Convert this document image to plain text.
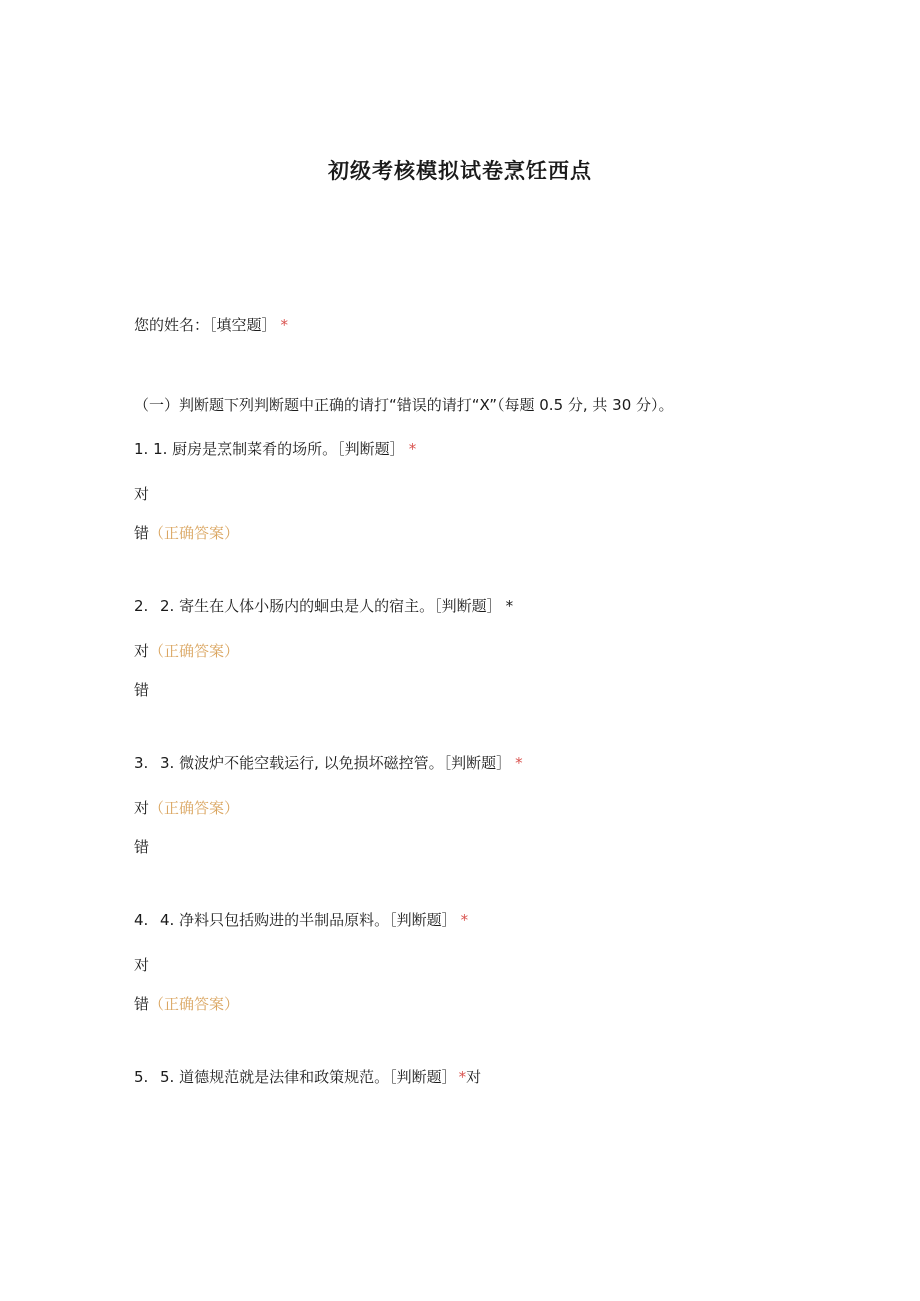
初级考核模拟试卷烹饪西点
您的姓名：［填空题］ *
（一）判断题下列判断题中正确的请打“错误的请打“X”（每题 0.5 分, 共 30 分）。
1. 1. 厨房是烹制菜肴的场所。［判断题］ *
对
错（正确答案）
2. 2. 寄生在人体小肠内的蛔虫是人的宿主。［判断题］ *
对（正确答案）
错
3. 3. 微波炉不能空载运行, 以免损坏磁控管。［判断题］ *
对（正确答案）
错
4. 4. 净料只包括购进的半制品原料。［判断题］ *
对
错（正确答案）
5. 5. 道德规范就是法律和政策规范。［判断题］ *对
